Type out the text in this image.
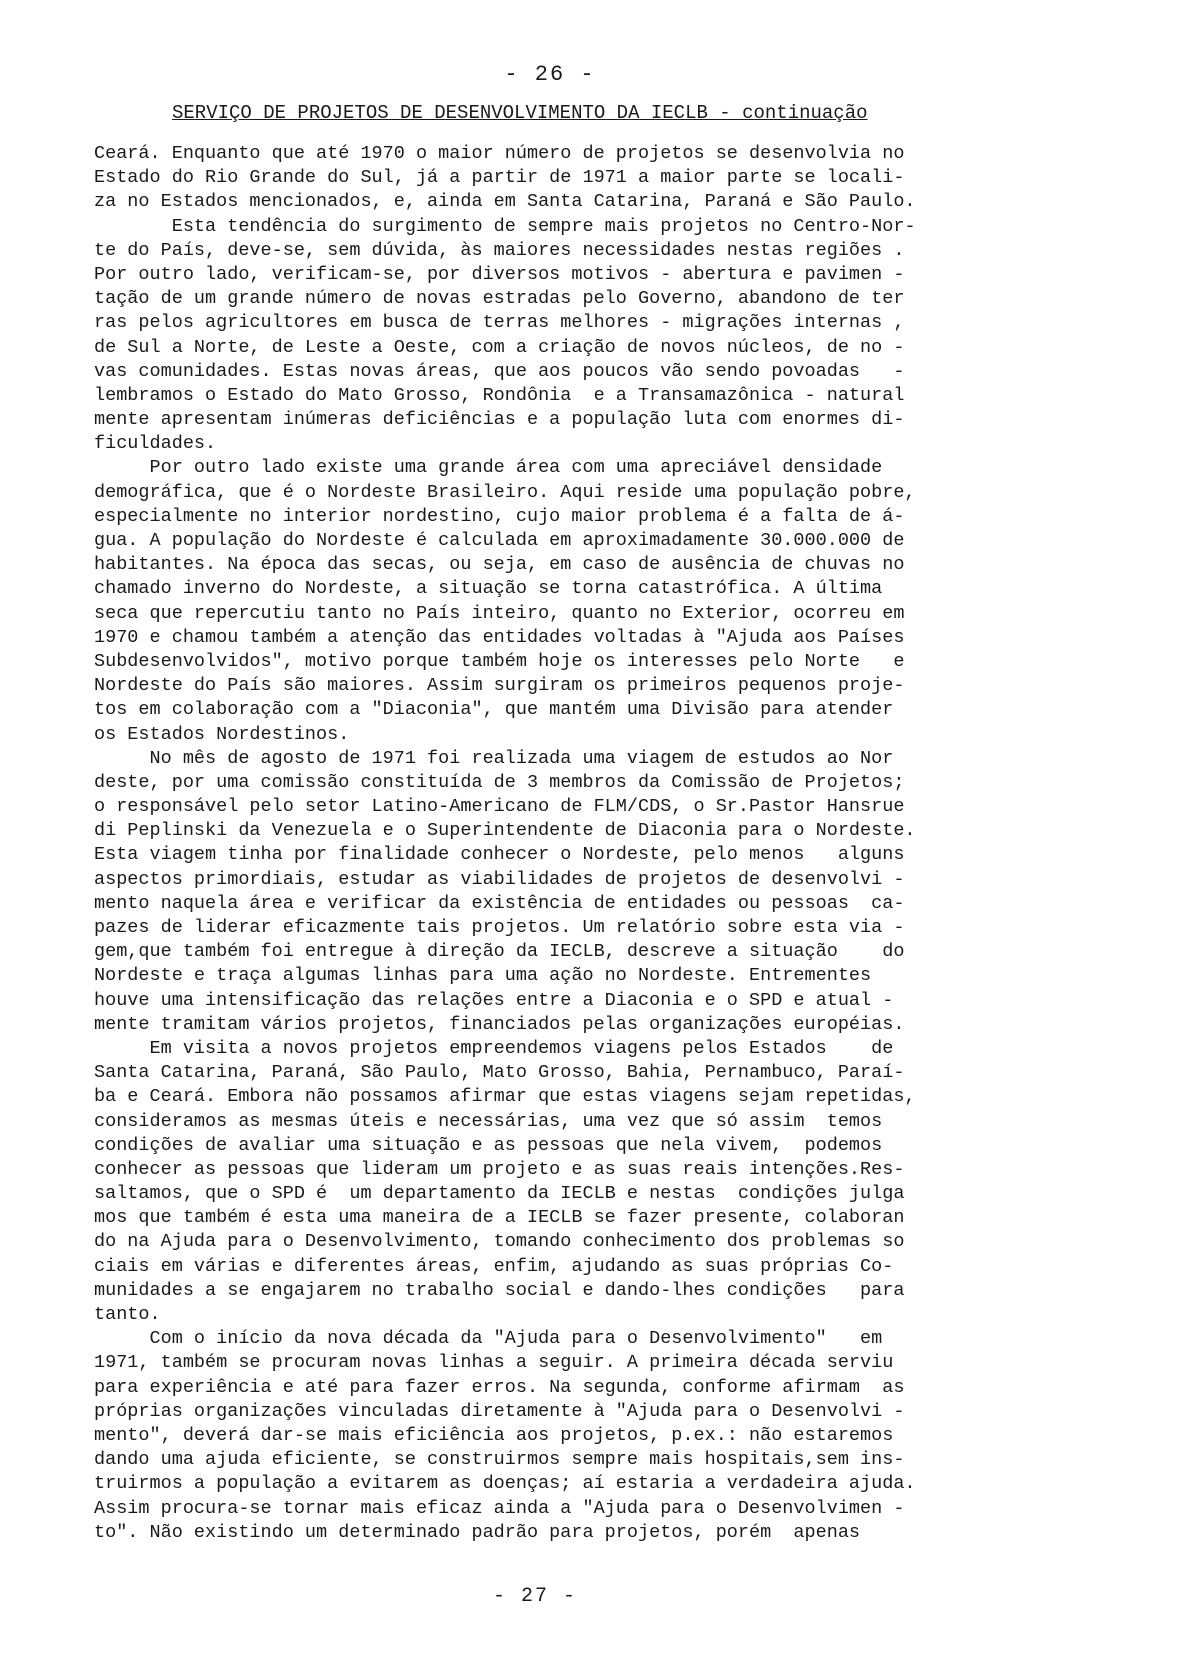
- 26 -
SERVIÇO DE PROJETOS DE DESENVOLVIMENTO DA IECLB - continuação
Ceará. Enquanto que até 1970 o maior número de projetos se desenvolvia no
Estado do Rio Grande do Sul, já a partir de 1971 a maior parte se locali-
za no Estados mencionados, e, ainda em Santa Catarina, Paraná e São Paulo.
Esta tendência do surgimento de sempre mais projetos no Centro-Nor-
te do País, deve-se, sem dúvida, às maiores necessidades nestas regiões .
Por outro lado, verificam-se, por diversos motivos - abertura e pavimen -
tação de um grande número de novas estradas pelo Governo, abandono de ter
ras pelos agricultores em busca de terras melhores - migrações internas ,
de Sul a Norte, de Leste a Oeste, com a criação de novos núcleos, de no -
vas comunidades. Estas novas áreas, que aos poucos vão sendo povoadas   -
lembramos o Estado do Mato Grosso, Rondônia  e a Transamazônica - natural
mente apresentam inúmeras deficiências e a população luta com enormes di-
ficuldades.
Por outro lado existe uma grande área com uma apreciável densidade
demográfica, que é o Nordeste Brasileiro. Aqui reside uma população pobre,
especialmente no interior nordestino, cujo maior problema é a falta de á-
gua. A população do Nordeste é calculada em aproximadamente 30.000.000 de
habitantes. Na época das secas, ou seja, em caso de ausência de chuvas no
chamado inverno do Nordeste, a situação se torna catastrófica. A última
seca que repercutiu tanto no País inteiro, quanto no Exterior, ocorreu em
1970 e chamou também a atenção das entidades voltadas à "Ajuda aos Países
Subdesenvolvidos", motivo porque também hoje os interesses pelo Norte   e
Nordeste do País são maiores. Assim surgiram os primeiros pequenos proje-
tos em colaboração com a "Diaconia", que mantém uma Divisão para atender
os Estados Nordestinos.
No mês de agosto de 1971 foi realizada uma viagem de estudos ao Nor
deste, por uma comissão constituída de 3 membros da Comissão de Projetos;
o responsável pelo setor Latino-Americano de FLM/CDS, o Sr.Pastor Hansrue
di Peplinski da Venezuela e o Superintendente de Diaconia para o Nordeste.
Esta viagem tinha por finalidade conhecer o Nordeste, pelo menos   alguns
aspectos primordiais, estudar as viabilidades de projetos de desenvolvi -
mento naquela área e verificar da existência de entidades ou pessoas  ca-
pazes de liderar eficazmente tais projetos. Um relatório sobre esta via -
gem,que também foi entregue à direção da IECLB, descreve a situação    do
Nordeste e traça algumas linhas para uma ação no Nordeste. Entrementes
houve uma intensificação das relações entre a Diaconia e o SPD e atual -
mente tramitam vários projetos, financiados pelas organizações européias.
Em visita a novos projetos empreendemos viagens pelos Estados    de
Santa Catarina, Paraná, São Paulo, Mato Grosso, Bahia, Pernambuco, Paraí-
ba e Ceará. Embora não possamos afirmar que estas viagens sejam repetidas,
consideramos as mesmas úteis e necessárias, uma vez que só assim  temos
condições de avaliar uma situação e as pessoas que nela vivem,  podemos
conhecer as pessoas que lideram um projeto e as suas reais intenções.Res-
saltamos, que o SPD é  um departamento da IECLB e nestas  condições julga
mos que também é esta uma maneira de a IECLB se fazer presente, colaboran
do na Ajuda para o Desenvolvimento, tomando conhecimento dos problemas so
ciais em várias e diferentes áreas, enfim, ajudando as suas próprias Co-
munidades a se engajarem no trabalho social e dando-lhes condições   para
tanto.
Com o início da nova década da "Ajuda para o Desenvolvimento"   em
1971, também se procuram novas linhas a seguir. A primeira década serviu
para experiência e até para fazer erros. Na segunda, conforme afirmam  as
próprias organizações vinculadas diretamente à "Ajuda para o Desenvolvi -
mento", deverá dar-se mais eficiência aos projetos, p.ex.: não estaremos
dando uma ajuda eficiente, se construirmos sempre mais hospitais,sem ins-
truirmos a população a evitarem as doenças; aí estaria a verdadeira ajuda.
Assim procura-se tornar mais eficaz ainda a "Ajuda para o Desenvolvimen -
to". Não existindo um determinado padrão para projetos, porém  apenas
- 27 -
